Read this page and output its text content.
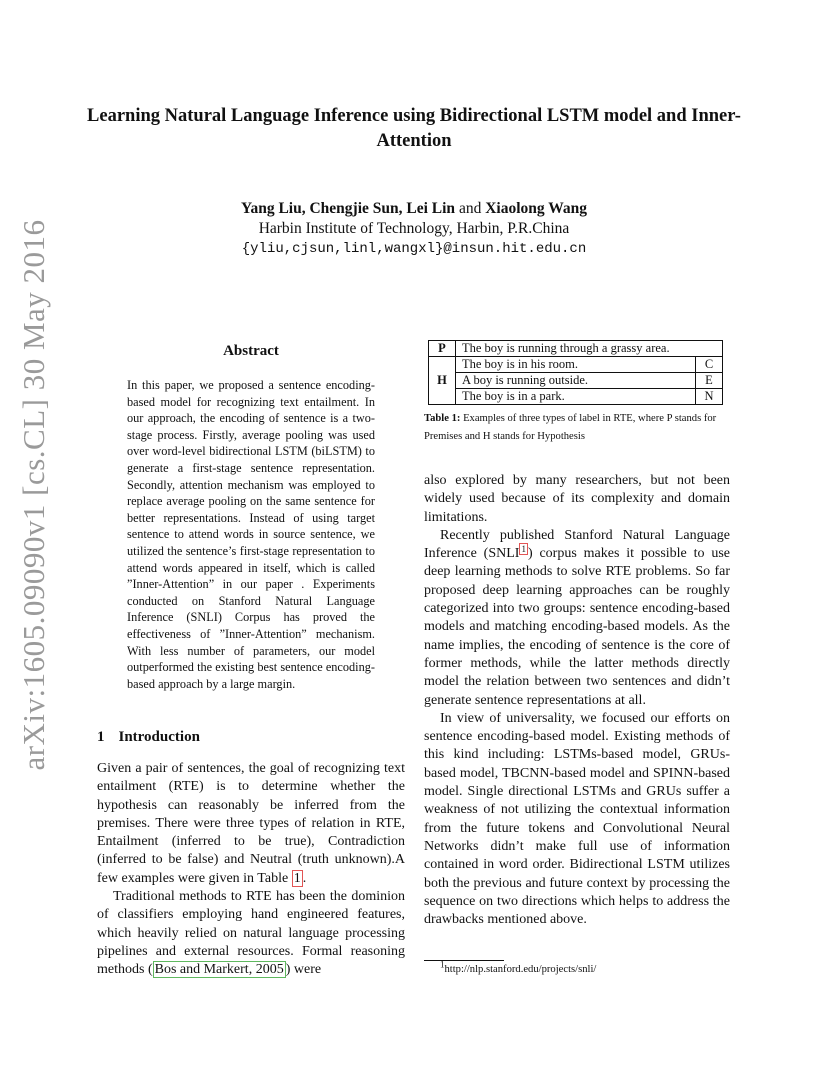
Learning Natural Language Inference using Bidirectional LSTM model and Inner-Attention
Yang Liu, Chengjie Sun, Lei Lin and Xiaolong Wang
Harbin Institute of Technology, Harbin, P.R.China
{yliu,cjsun,linl,wangxl}@insun.hit.edu.cn
arXiv:1605.09090v1 [cs.CL] 30 May 2016	Abstract

In this paper, we proposed a sentence encoding-based model for recognizing text entailment. In our approach, the encoding of sentence is a two-stage process. Firstly, average pooling was used over word-level bidirectional LSTM (biLSTM) to generate a first-stage sentence representation. Secondly, attention mechanism was employed to replace average pooling on the same sentence for better representations. Instead of using target sentence to attend words in source sentence, we utilized the sentence’s first-stage representation to attend words appeared in itself, which is called ”Inner-Attention” in our paper . Experiments conducted on Stanford Natural Language Inference (SNLI) Corpus has proved the effectiveness of ”Inner-Attention” mechanism. With less number of parameters, our model outperformed the existing best sentence encoding-based approach by a large margin.

1 Introduction

Given a pair of sentences, the goal of recognizing text entailment (RTE) is to determine whether the hypothesis can reasonably be inferred from the premises. There were three types of relation in RTE, Entailment (inferred to be true), Contradiction (inferred to be false) and Neutral (truth unknown).A few examples were given in Table 1 .

Traditional methods to RTE has been the dominion of classifiers employing hand engineered features, which heavily relied on natural language processing pipelines and external resources. Formal reasoning methods ( Bos and Markert, 2005 ) were

P	The boy is running through a grassy area.	
H	The boy is in his room.	C
	A boy is running outside.	E
	The boy is in a park.	N
Table 1: Examples of three types of label in RTE, where P stands for Premises and H stands for Hypothesis

also explored by many researchers, but not been widely used because of its complexity and domain limitations.

Recently published Stanford Natural Language Inference (SNLI $^1$ ) corpus makes it possible to use deep learning methods to solve RTE problems. So far proposed deep learning approaches can be roughly categorized into two groups: sentence encoding-based models and matching encoding-based models. As the name implies, the encoding of sentence is the core of former methods, while the latter methods directly model the relation between two sentences and didn’t generate sentence representations at all.

In view of universality, we focused our efforts on sentence encoding-based model. Existing methods of this kind including: LSTMs-based model, GRUs-based model, TBCNN-based model and SPINN-based model. Single directional LSTMs and GRUs suffer a weakness of not utilizing the contextual information from the future tokens and Convolutional Neural Networks didn’t make full use of information contained in word order. Bidirectional LSTM utilizes both the previous and future context by processing the sequence on two directions which helps to address the drawbacks mentioned above.

$^1$http://nlp.stanford.edu/projects/snli/
